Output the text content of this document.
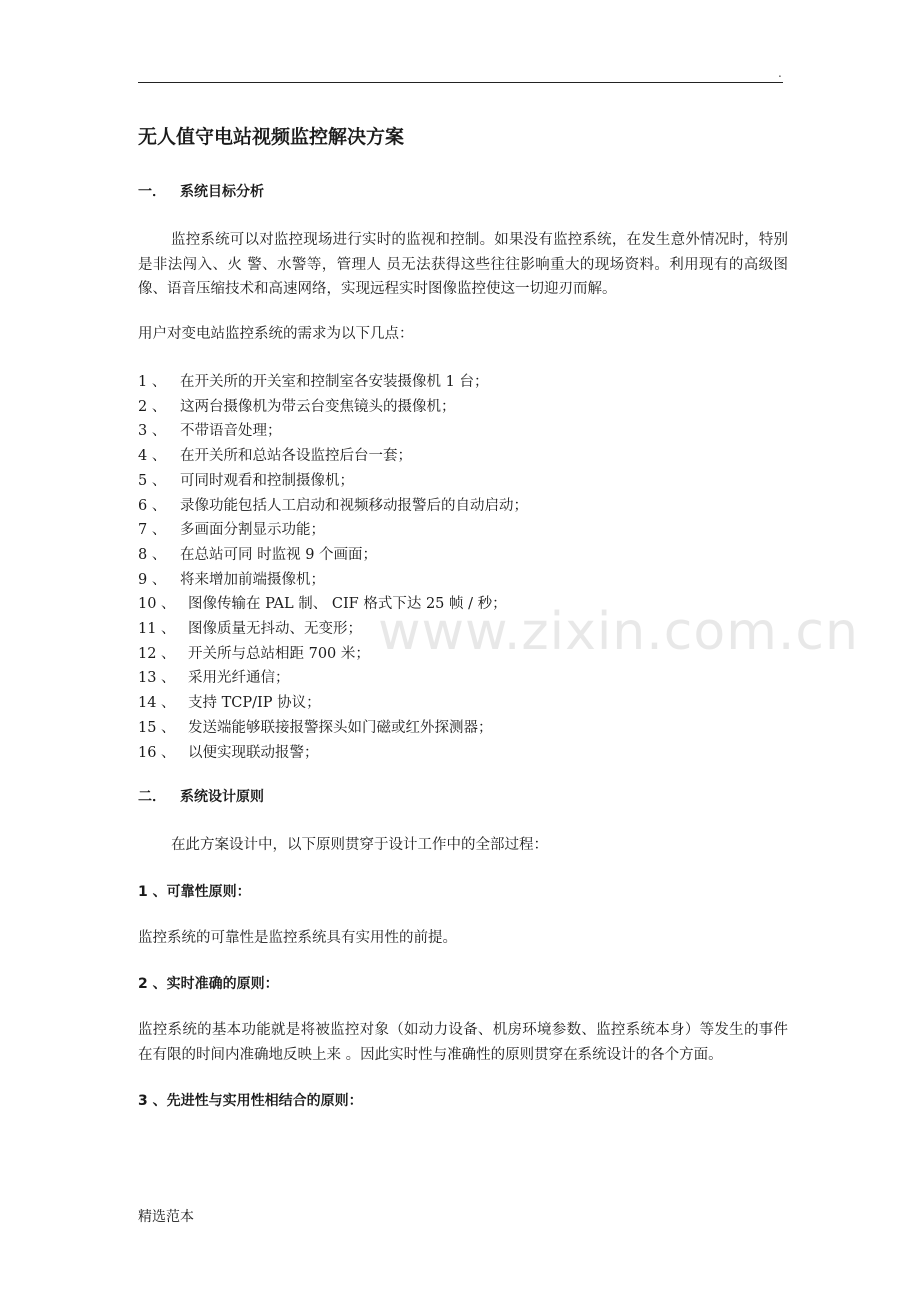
.
无人值守电站视频监控解决方案
一． 系统目标分析

监控系统可以对监控现场进行实时的监视和控制。如果没有监控系统，在发生意外情况时，特别是非法闯入、火 警、水警等，管理人 员无法获得这些往往影响重大的现场资料。利用现有的高级图像、语音压缩技术和高速网络，实现远程实时图像监控使这一切迎刃而解。

用户对变电站监控系统的需求为以下几点：

1 、 在开关所的开关室和控制室各安装摄像机 1 台；
2 、 这两台摄像机为带云台变焦镜头的摄像机；
3 、 不带语音处理；
4 、 在开关所和总站各设监控后台一套；
5 、 可同时观看和控制摄像机；
6 、 录像功能包括人工启动和视频移动报警后的自动启动；
7 、 多画面分割显示功能；
8 、 在总站可同 时监视 9 个画面；
9 、 将来增加前端摄像机；
10 、 图像传输在 PAL 制、 CIF 格式下达 25 帧 / 秒；
11 、 图像质量无抖动、无变形；
12 、 开关所与总站相距 700 米；
13 、 采用光纤通信；
14 、 支持 TCP/IP 协议；
15 、 发送端能够联接报警探头如门磁或红外探测器；
16 、 以便实现联动报警；
二． 系统设计原则

在此方案设计中，以下原则贯穿于设计工作中的全部过程：

1 、可靠性原则：

监控系统的可靠性是监控系统具有实用性的前提。

2 、实时准确的原则：

监控系统的基本功能就是将被监控对象（如动力设备、机房环境参数、监控系统本身）等发生的事件在有限的时间内准确地反映上来 。因此实时性与准确性的原则贯穿在系统设计的各个方面。

3 、先进性与实用性相结合的原则：
www.zixin.com.cn
精选范本
